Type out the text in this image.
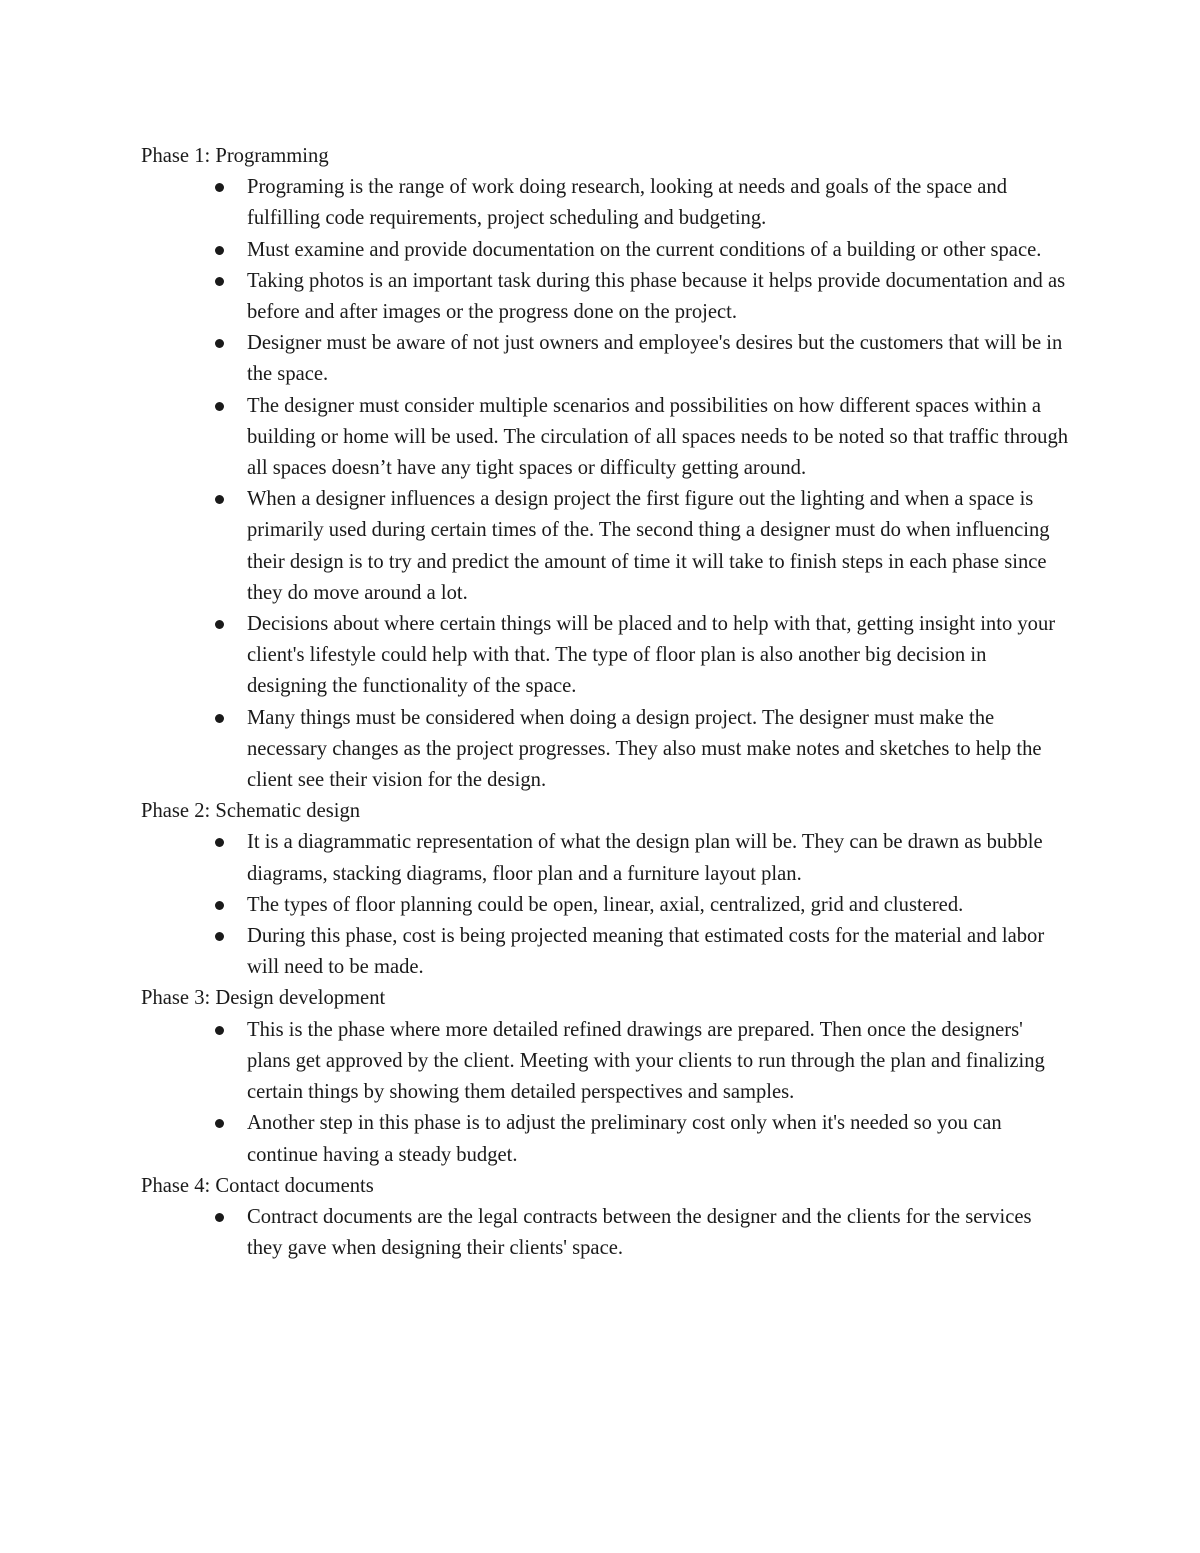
Phase 1: Programming
Programing is the range of work doing research, looking at needs and goals of the space and fulfilling code requirements, project scheduling and budgeting.
Must examine and provide documentation on the current conditions of a building or other space.
Taking photos is an important task during this phase because it helps provide documentation and as before and after images or the progress done on the project.
Designer must be aware of not just owners and employee's desires but the customers that will be in the space.
The designer must consider multiple scenarios and possibilities on how different spaces within a building or home will be used. The circulation of all spaces needs to be noted so that traffic through all spaces doesn’t have any tight spaces or difficulty getting around.
When a designer influences a design project the first figure out the lighting and when a space is primarily used during certain times of the. The second thing a designer must do when influencing their design is to try and predict the amount of time it will take to finish steps in each phase since they do move around a lot.
Decisions about where certain things will be placed and to help with that, getting insight into your client's lifestyle could help with that. The type of floor plan is also another big decision in designing the functionality of the space.
Many things must be considered when doing a design project. The designer must make the necessary changes as the project progresses. They also must make notes and sketches to help the client see their vision for the design.
Phase 2: Schematic design
It is a diagrammatic representation of what the design plan will be. They can be drawn as bubble diagrams, stacking diagrams, floor plan and a furniture layout plan.
The types of floor planning could be open, linear, axial, centralized, grid and clustered.
During this phase, cost is being projected meaning that estimated costs for the material and labor will need to be made.
Phase 3: Design development
This is the phase where more detailed refined drawings are prepared. Then once the designers' plans get approved by the client. Meeting with your clients to run through the plan and finalizing certain things by showing them detailed perspectives and samples.
Another step in this phase is to adjust the preliminary cost only when it's needed so you can continue having a steady budget.
Phase 4: Contact documents
Contract documents are the legal contracts between the designer and the clients for the services they gave when designing their clients' space.
